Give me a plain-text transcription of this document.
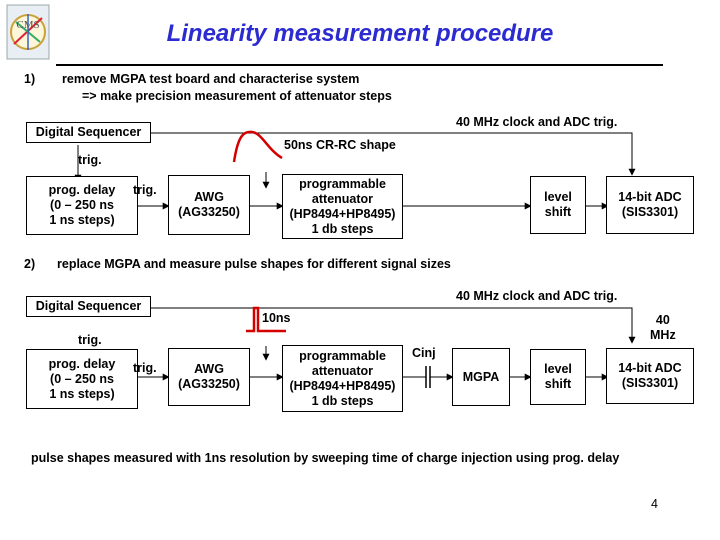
CMS	Linearity measurement procedure
1) remove MGPA test board and characterise system
=> make precision measurement of attenuator steps
Digital Sequencer
40 MHz clock and ADC trig.
50ns CR-RC shape
trig.
prog. delay
(0 – 250 ns
1 ns steps)
trig.	AWG
(AG33250)
programmable
attenuator
(HP8494+HP8495)
1 db steps
level
shift
14-bit ADC
(SIS3301)
2) replace MGPA and measure pulse shapes for different signal sizes
Digital Sequencer
40 MHz clock and ADC trig.
10ns	40
MHz
trig.
prog. delay
(0 – 250 ns
1 ns steps)
trig.	AWG
(AG33250)
programmable
attenuator
(HP8494+HP8495)
1 db steps
Cinj
MGPA
level
shift
14-bit ADC
(SIS3301)
pulse shapes measured with 1ns resolution by sweeping time of charge injection using prog. delay
4
